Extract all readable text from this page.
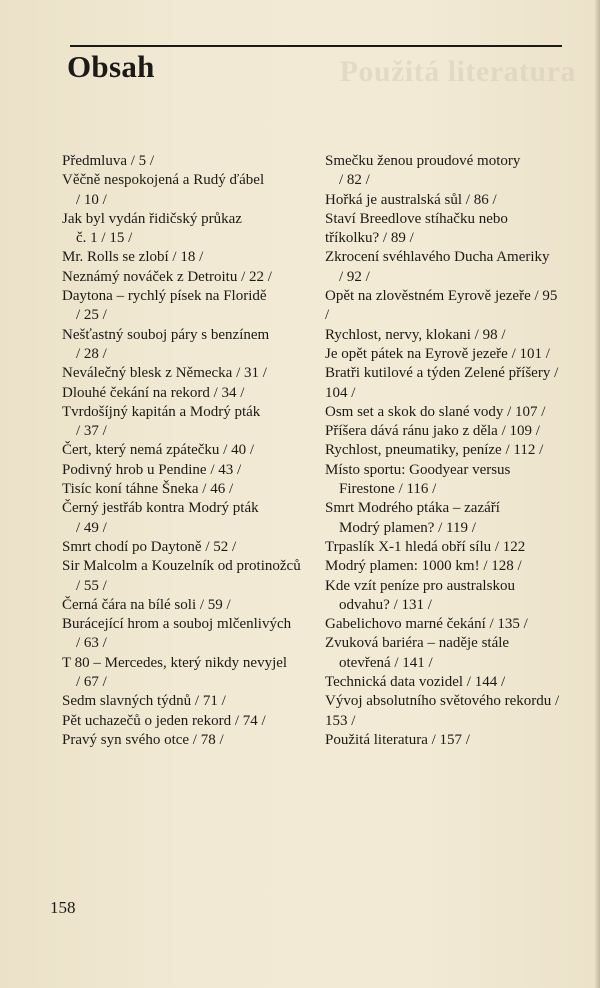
Použitá literatura
Obsah
Předmluva / 5 /
Věčně nespokojená a Rudý ďábel
/ 10 /
Jak byl vydán řidičský průkaz
č. 1 / 15 /
Mr. Rolls se zlobí / 18 /
Neznámý nováček z Detroitu / 22 /
Daytona – rychlý písek na Floridě
/ 25 /
Nešťastný souboj páry s benzínem
/ 28 /
Neválečný blesk z Německa / 31 /
Dlouhé čekání na rekord / 34 /
Tvrdošíjný kapitán a Modrý pták
/ 37 /
Čert, který nemá zpátečku / 40 /
Podivný hrob u Pendine / 43 /
Tisíc koní táhne Šneka / 46 /
Černý jestřáb kontra Modrý pták
/ 49 /
Smrt chodí po Daytoně / 52 /
Sir Malcolm a Kouzelník od protinožců
/ 55 /
Černá čára na bílé soli / 59 /
Burácející hrom a souboj mlčenlivých
/ 63 /
T 80 – Mercedes, který nikdy nevyjel
/ 67 /
Sedm slavných týdnů / 71 /
Pět uchazečů o jeden rekord / 74 /
Pravý syn svého otce / 78 /
Smečku ženou proudové motory
/ 82 /
Hořká je australská sůl / 86 /
Staví Breedlove stíhačku nebo tříkolku? / 89 /
Zkrocení svéhlavého Ducha Ameriky
/ 92 /
Opět na zlověstném Eyrově jezeře / 95 /
Rychlost, nervy, klokani / 98 /
Je opět pátek na Eyrově jezeře / 101 /
Bratři kutilové a týden Zelené příšery / 104 /
Osm set a skok do slané vody / 107 /
Příšera dává ránu jako z děla / 109 /
Rychlost, pneumatiky, peníze / 112 /
Místo sportu: Goodyear versus
Firestone / 116 /
Smrt Modrého ptáka – zazáří
Modrý plamen? / 119 /
Trpaslík X-1 hledá obří sílu / 122
Modrý plamen: 1000 km! / 128 /
Kde vzít peníze pro australskou
odvahu? / 131 /
Gabelichovo marné čekání / 135 /
Zvuková bariéra – naděje stále
otevřená / 141 /
Technická data vozidel / 144 /
Vývoj absolutního světového rekordu / 153 /
Použitá literatura / 157 /
158
